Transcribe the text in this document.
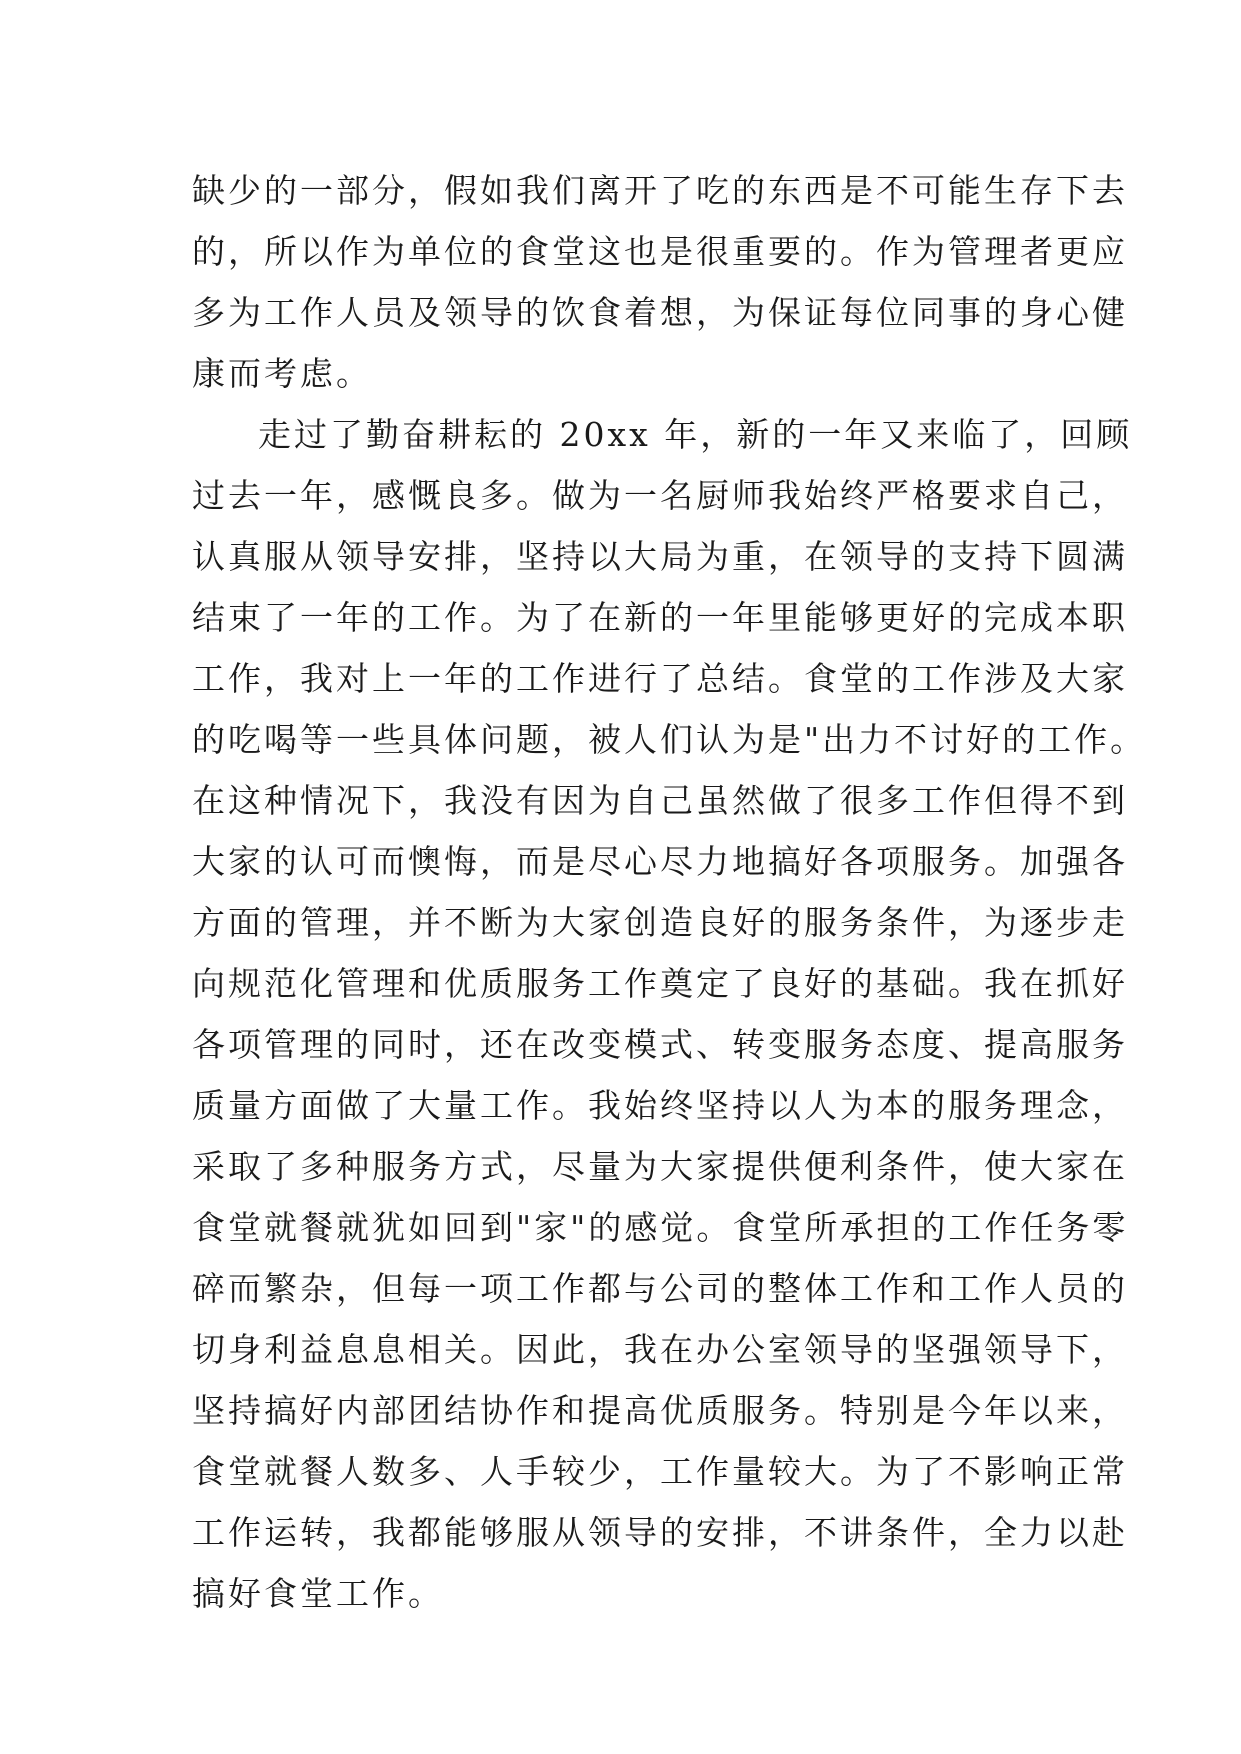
缺少的一部分，假如我们离开了吃的东西是不可能生存下去
的，所以作为单位的食堂这也是很重要的。作为管理者更应
多为工作人员及领导的饮食着想，为保证每位同事的身心健
康而考虑。
走过了勤奋耕耘的 20xx 年，新的一年又来临了，回顾
过去一年，感慨良多。做为一名厨师我始终严格要求自己，
认真服从领导安排，坚持以大局为重，在领导的支持下圆满
结束了一年的工作。为了在新的一年里能够更好的完成本职
工作，我对上一年的工作进行了总结。食堂的工作涉及大家
的吃喝等一些具体问题，被人们认为是"出力不讨好的工作。
在这种情况下，我没有因为自己虽然做了很多工作但得不到
大家的认可而懊悔，而是尽心尽力地搞好各项服务。加强各
方面的管理，并不断为大家创造良好的服务条件，为逐步走
向规范化管理和优质服务工作奠定了良好的基础。我在抓好
各项管理的同时，还在改变模式、转变服务态度、提高服务
质量方面做了大量工作。我始终坚持以人为本的服务理念，
采取了多种服务方式，尽量为大家提供便利条件，使大家在
食堂就餐就犹如回到"家"的感觉。食堂所承担的工作任务零
碎而繁杂，但每一项工作都与公司的整体工作和工作人员的
切身利益息息相关。因此，我在办公室领导的坚强领导下，
坚持搞好内部团结协作和提高优质服务。特别是今年以来，
食堂就餐人数多、人手较少，工作量较大。为了不影响正常
工作运转，我都能够服从领导的安排，不讲条件，全力以赴
搞好食堂工作。
